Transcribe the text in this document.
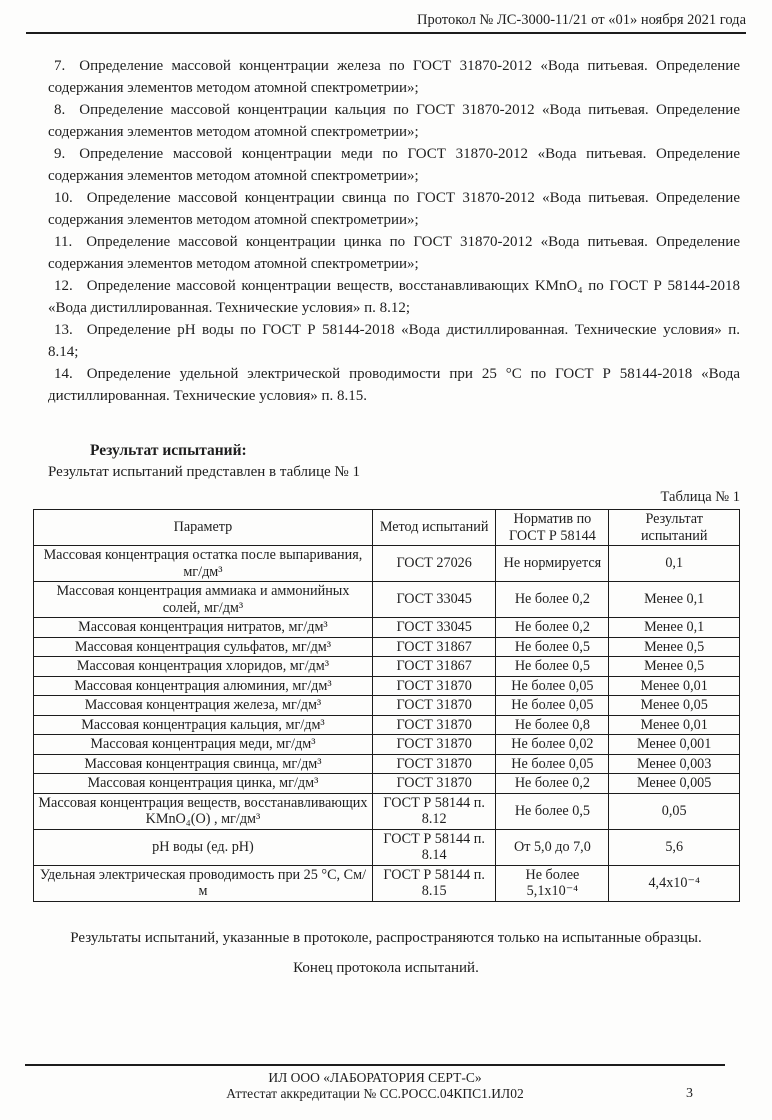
Протокол № ЛС-3000-11/21 от «01» ноября 2021 года

7. Определение массовой концентрации железа по ГОСТ 31870-2012 «Вода питьевая. Определение содержания элементов методом атомной спектрометрии»;

8. Определение массовой концентрации кальция по ГОСТ 31870-2012 «Вода питьевая. Определение содержания элементов методом атомной спектрометрии»;

9. Определение массовой концентрации меди по ГОСТ 31870-2012 «Вода питьевая. Определение содержания элементов методом атомной спектрометрии»;

10. Определение массовой концентрации свинца по ГОСТ 31870-2012 «Вода питьевая. Определение содержания элементов методом атомной спектрометрии»;

11. Определение массовой концентрации цинка по ГОСТ 31870-2012 «Вода питьевая. Определение содержания элементов методом атомной спектрометрии»;

12. Определение массовой концентрации веществ, восстанавливающих KMnO₄ по ГОСТ Р 58144-2018 «Вода дистиллированная. Технические условия» п. 8.12;

13. Определение pH воды по ГОСТ Р 58144-2018 «Вода дистиллированная. Технические условия» п. 8.14;

14. Определение удельной электрической проводимости при 25 °С по ГОСТ Р 58144-2018 «Вода дистиллированная. Технические условия» п. 8.15.

Результат испытаний:
Результат испытаний представлен в таблице № 1
Таблица № 1
Параметр	Метод испытаний	Норматив по ГОСТ Р 58144	Результат испытаний
Массовая концентрация остатка после выпаривания, мг/дм³	ГОСТ 27026	Не нормируется	0,1
Массовая концентрация аммиака и аммонийных солей, мг/дм³	ГОСТ 33045	Не более 0,2	Менее 0,1
Массовая концентрация нитратов, мг/дм³	ГОСТ 33045	Не более 0,2	Менее 0,1
Массовая концентрация сульфатов, мг/дм³	ГОСТ 31867	Не более 0,5	Менее 0,5
Массовая концентрация хлоридов, мг/дм³	ГОСТ 31867	Не более 0,5	Менее 0,5
Массовая концентрация алюминия, мг/дм³	ГОСТ 31870	Не более 0,05	Менее 0,01
Массовая концентрация железа, мг/дм³	ГОСТ 31870	Не более 0,05	Менее 0,05
Массовая концентрация кальция, мг/дм³	ГОСТ 31870	Не более 0,8	Менее 0,01
Массовая концентрация меди, мг/дм³	ГОСТ 31870	Не более 0,02	Менее 0,001
Массовая концентрация свинца, мг/дм³	ГОСТ 31870	Не более 0,05	Менее 0,003
Массовая концентрация цинка, мг/дм³	ГОСТ 31870	Не более 0,2	Менее 0,005
Массовая концентрация веществ, восстанавливающих KMnO₄(O) , мг/дм³	ГОСТ Р 58144 п. 8.12	Не более 0,5	0,05
pH воды (ед. pH)	ГОСТ Р 58144 п. 8.14	От 5,0 до 7,0	5,6
Удельная электрическая проводимость при 25 °С, См/м	ГОСТ Р 58144 п. 8.15	Не более 5,1x10⁻⁴	4,4x10⁻⁴
Результаты испытаний, указанные в протоколе, распространяются только на испытанные образцы.
Конец протокола испытаний.
ИЛ ООО «ЛАБОРАТОРИЯ СЕРТ-С»
Аттестат аккредитации № СС.РОСС.04КПС1.ИЛ02	3
